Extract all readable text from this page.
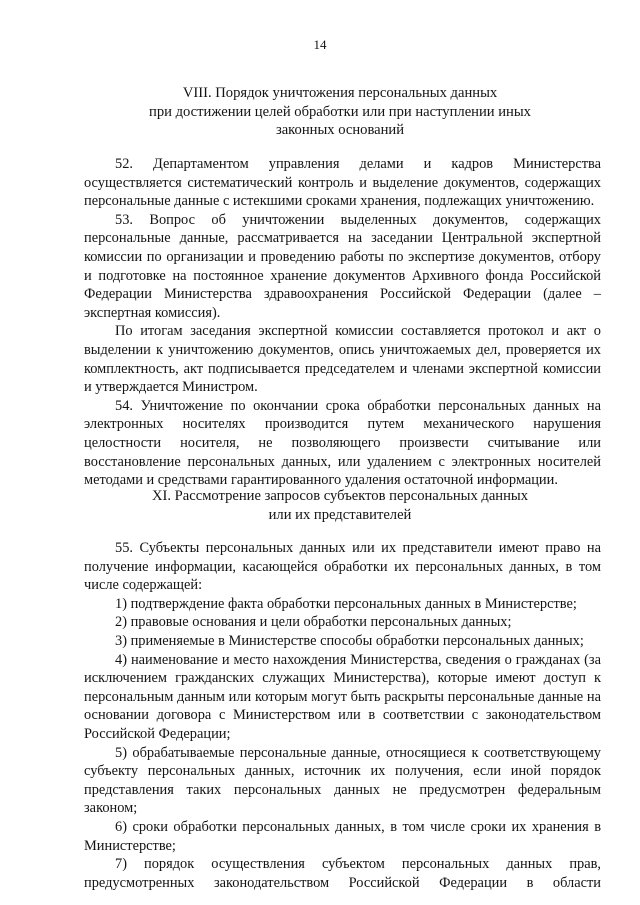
14
VIII. Порядок уничтожения персональных данных
при достижении целей обработки или при наступлении иных
законных оснований

52. Департаментом управления делами и кадров Министерства осуществляется систематический контроль и выделение документов, содержащих персональные данные с истекшими сроками хранения, подлежащих уничтожению.

53. Вопрос об уничтожении выделенных документов, содержащих персональные данные, рассматривается на заседании Центральной экспертной комиссии по организации и проведению работы по экспертизе документов, отбору и подготовке на постоянное хранение документов Архивного фонда Российской Федерации Министерства здравоохранения Российской Федерации (далее – экспертная комиссия).

По итогам заседания экспертной комиссии составляется протокол и акт о выделении к уничтожению документов, опись уничтожаемых дел, проверяется их комплектность, акт подписывается председателем и членами экспертной комиссии и утверждается Министром.

54. Уничтожение по окончании срока обработки персональных данных на электронных носителях производится путем механического нарушения целостности носителя, не позволяющего произвести считывание или восстановление персональных данных, или удалением с электронных носителей методами и средствами гарантированного удаления остаточной информации.

XI. Рассмотрение запросов субъектов персональных данных
или их представителей

55. Субъекты персональных данных или их представители имеют право на получение информации, касающейся обработки их персональных данных, в том числе содержащей:

1) подтверждение факта обработки персональных данных в Министерстве;

2) правовые основания и цели обработки персональных данных;

3) применяемые в Министерстве способы обработки персональных данных;

4) наименование и место нахождения Министерства, сведения о гражданах (за исключением гражданских служащих Министерства), которые имеют доступ к персональным данным или которым могут быть раскрыты персональные данные на основании договора с Министерством или в соответствии с законодательством Российской Федерации;

5) обрабатываемые персональные данные, относящиеся к соответствующему субъекту персональных данных, источник их получения, если иной порядок представления таких персональных данных не предусмотрен федеральным законом;

6) сроки обработки персональных данных, в том числе сроки их хранения в Министерстве;

7) порядок осуществления субъектом персональных данных прав, предусмотренных законодательством Российской Федерации в области
